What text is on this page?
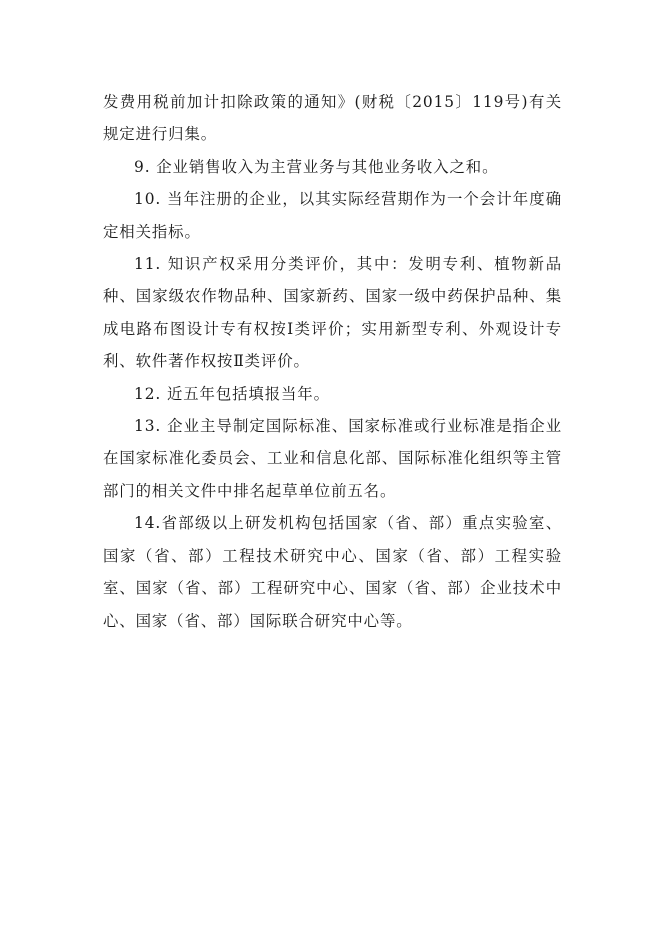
发费用税前加计扣除政策的通知》(财税〔2015〕119号)有关规定进行归集。

9. 企业销售收入为主营业务与其他业务收入之和。

10. 当年注册的企业，以其实际经营期作为一个会计年度确定相关指标。

11. 知识产权采用分类评价，其中：发明专利、植物新品种、国家级农作物品种、国家新药、国家一级中药保护品种、集成电路布图设计专有权按Ⅰ类评价；实用新型专利、外观设计专利、软件著作权按Ⅱ类评价。

12. 近五年包括填报当年。

13. 企业主导制定国际标准、国家标准或行业标准是指企业在国家标准化委员会、工业和信息化部、国际标准化组织等主管部门的相关文件中排名起草单位前五名。

14.省部级以上研发机构包括国家（省、部）重点实验室、国家（省、部）工程技术研究中心、国家（省、部）工程实验室、国家（省、部）工程研究中心、国家（省、部）企业技术中心、国家（省、部）国际联合研究中心等。
